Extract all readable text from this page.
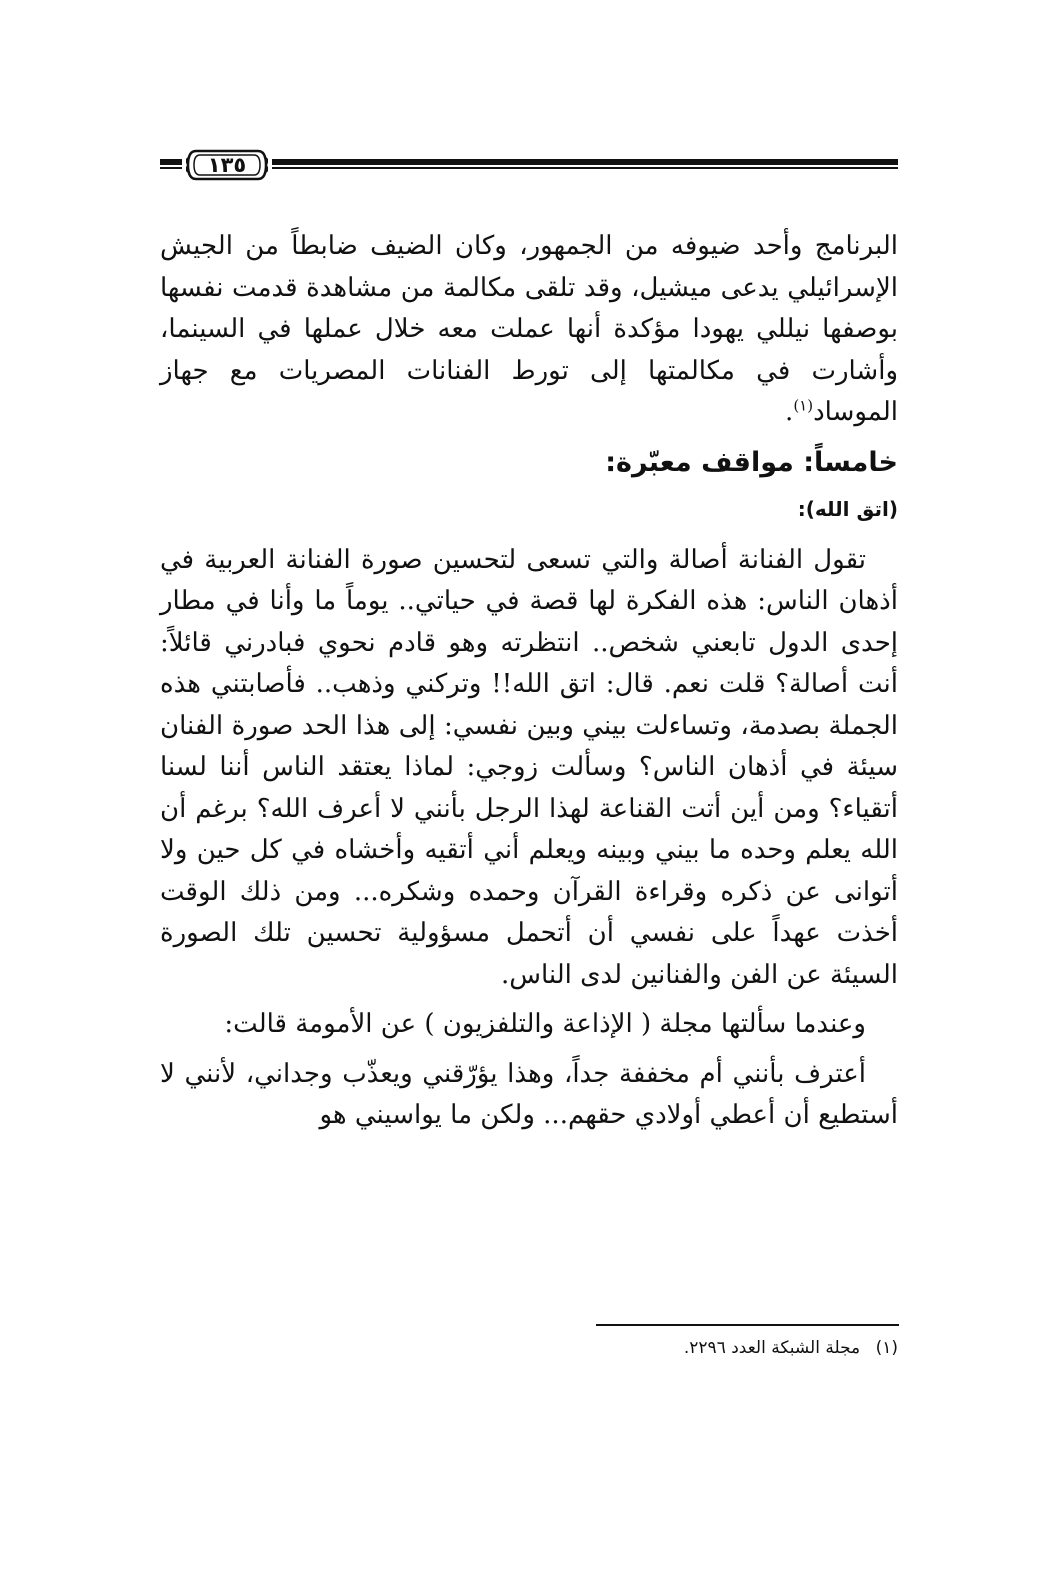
١٣٥

البرنامج وأحد ضيوفه من الجمهور، وكان الضيف ضابطاً من الجيش الإسرائيلي يدعى ميشيل، وقد تلقى مكالمة من مشاهدة قدمت نفسها بوصفها نيللي يهودا مؤكدة أنها عملت معه خلال عملها في السينما، وأشارت في مكالمتها إلى تورط الفنانات المصريات مع جهاز الموساد$^{(١)}$.

خامساً: مواقف معبّرة:

(اتق الله):

تقول الفنانة أصالة والتي تسعى لتحسين صورة الفنانة العربية في أذهان الناس: هذه الفكرة لها قصة في حياتي.. يوماً ما وأنا في مطار إحدى الدول تابعني شخص.. انتظرته وهو قادم نحوي فبادرني قائلاً: أنت أصالة؟ قلت نعم. قال: اتق الله!! وتركني وذهب.. فأصابتني هذه الجملة بصدمة، وتساءلت بيني وبين نفسي: إلى هذا الحد صورة الفنان سيئة في أذهان الناس؟ وسألت زوجي: لماذا يعتقد الناس أننا لسنا أتقياء؟ ومن أين أتت القناعة لهذا الرجل بأنني لا أعرف الله؟ برغم أن الله يعلم وحده ما بيني وبينه ويعلم أني أتقيه وأخشاه في كل حين ولا أتوانى عن ذكره وقراءة القرآن وحمده وشكره... ومن ذلك الوقت أخذت عهداً على نفسي أن أتحمل مسؤولية تحسين تلك الصورة السيئة عن الفن والفنانين لدى الناس.

وعندما سألتها مجلة ( الإذاعة والتلفزيون ) عن الأمومة قالت:

أعترف بأنني أم مخففة جداً، وهذا يؤرّقني ويعذّب وجداني، لأنني لا أستطيع أن أعطي أولادي حقهم... ولكن ما يواسيني هو

(١) مجلة الشبكة العدد ٢٢٩٦.
